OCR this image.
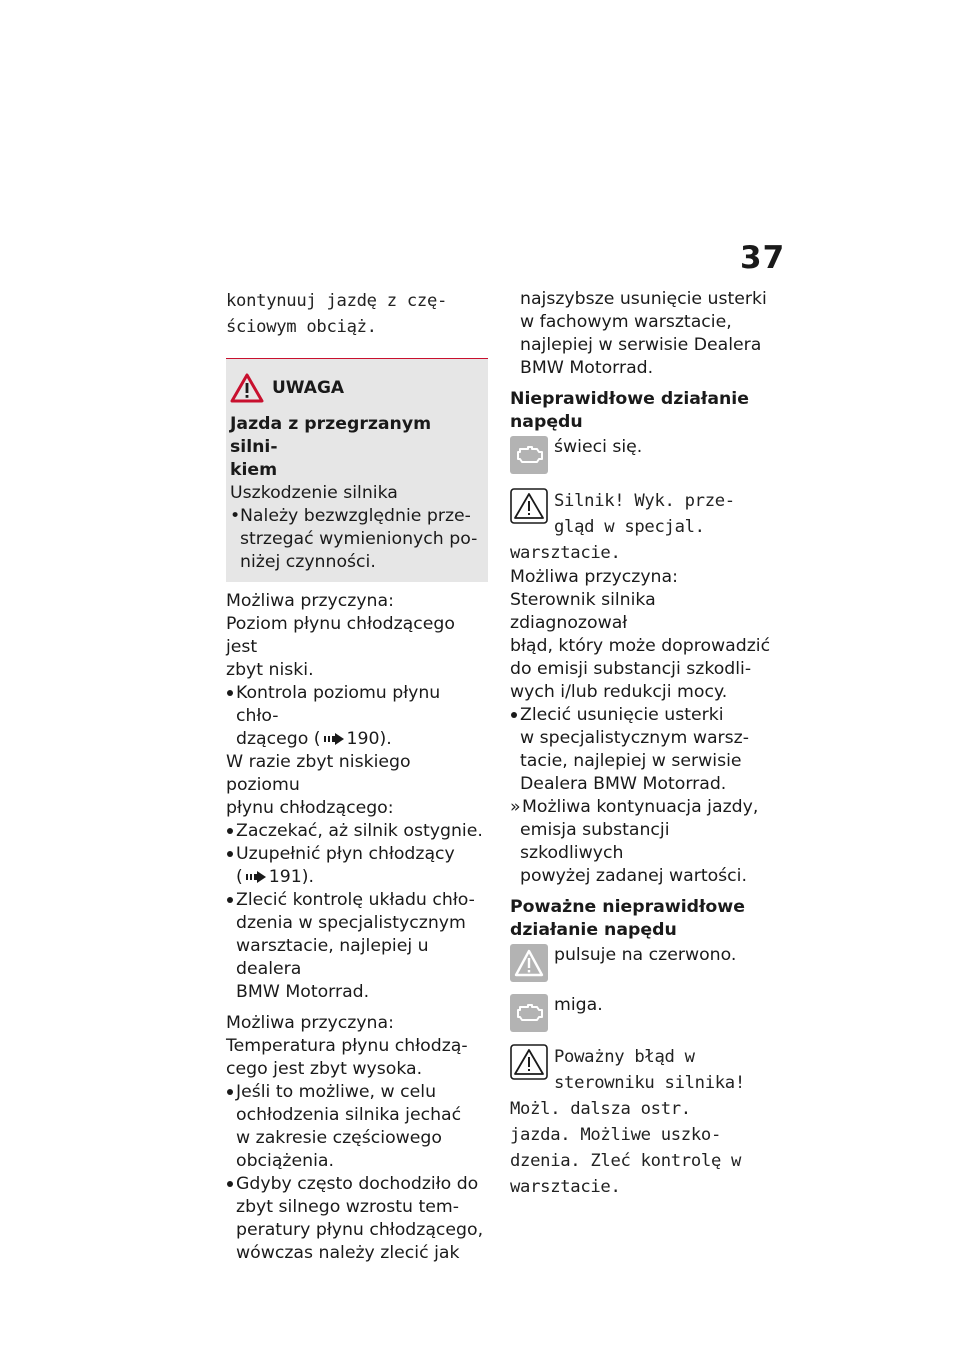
37
kontynuuj jazdę z czę-
ściowym obciąż.
UWAGA

Jazda z przegrzanym silni-

kiem

Uszkodzenie silnika

• Należy bezwzględnie prze-

strzegać wymienionych po-

niżej czynności.

Możliwa przyczyna:

Poziom płynu chłodzącego jest

zbyt niski.

Kontrola poziomu płynu chło-

dzącego ( 190).

W razie zbyt niskiego poziomu

płynu chłodzącego:

Zaczekać, aż silnik ostygnie.

Uzupełnić płyn chłodzący

( 191).

Zlecić kontrolę układu chło-

dzenia w specjalistycznym

warsztacie, najlepiej u dealera

BMW Motorrad.

Możliwa przyczyna:

Temperatura płynu chłodzą-

cego jest zbyt wysoka.

Jeśli to możliwe, w celu

ochłodzenia silnika jechać

w zakresie częściowego

obciążenia.

Gdyby często dochodziło do

zbyt silnego wzrostu tem-

peratury płynu chłodzącego,

wówczas należy zlecić jak

najszybsze usunięcie usterki

w fachowym warsztacie,

najlepiej w serwisie Dealera

BMW Motorrad.

Nieprawidłowe działanie
napędu

świeci się.

Silnik! Wyk. prze-
gląd w specjal.
warsztacie.

Możliwa przyczyna:

Sterownik silnika zdiagnozował

błąd, który może doprowadzić

do emisji substancji szkodli-

wych i/lub redukcji mocy.

Zlecić usunięcie usterki

w specjalistycznym warsz-

tacie, najlepiej w serwisie

Dealera BMW Motorrad.

» Możliwa kontynuacja jazdy,

emisja substancji szkodliwych

powyżej zadanej wartości.

Poważne nieprawidłowe
działanie napędu

pulsuje na czerwono.

miga.

Poważny błąd w
sterowniku silnika!
Możl. dalsza ostr.
jazda. Możliwe uszko-
dzenia. Zleć kontrolę w
warsztacie.
